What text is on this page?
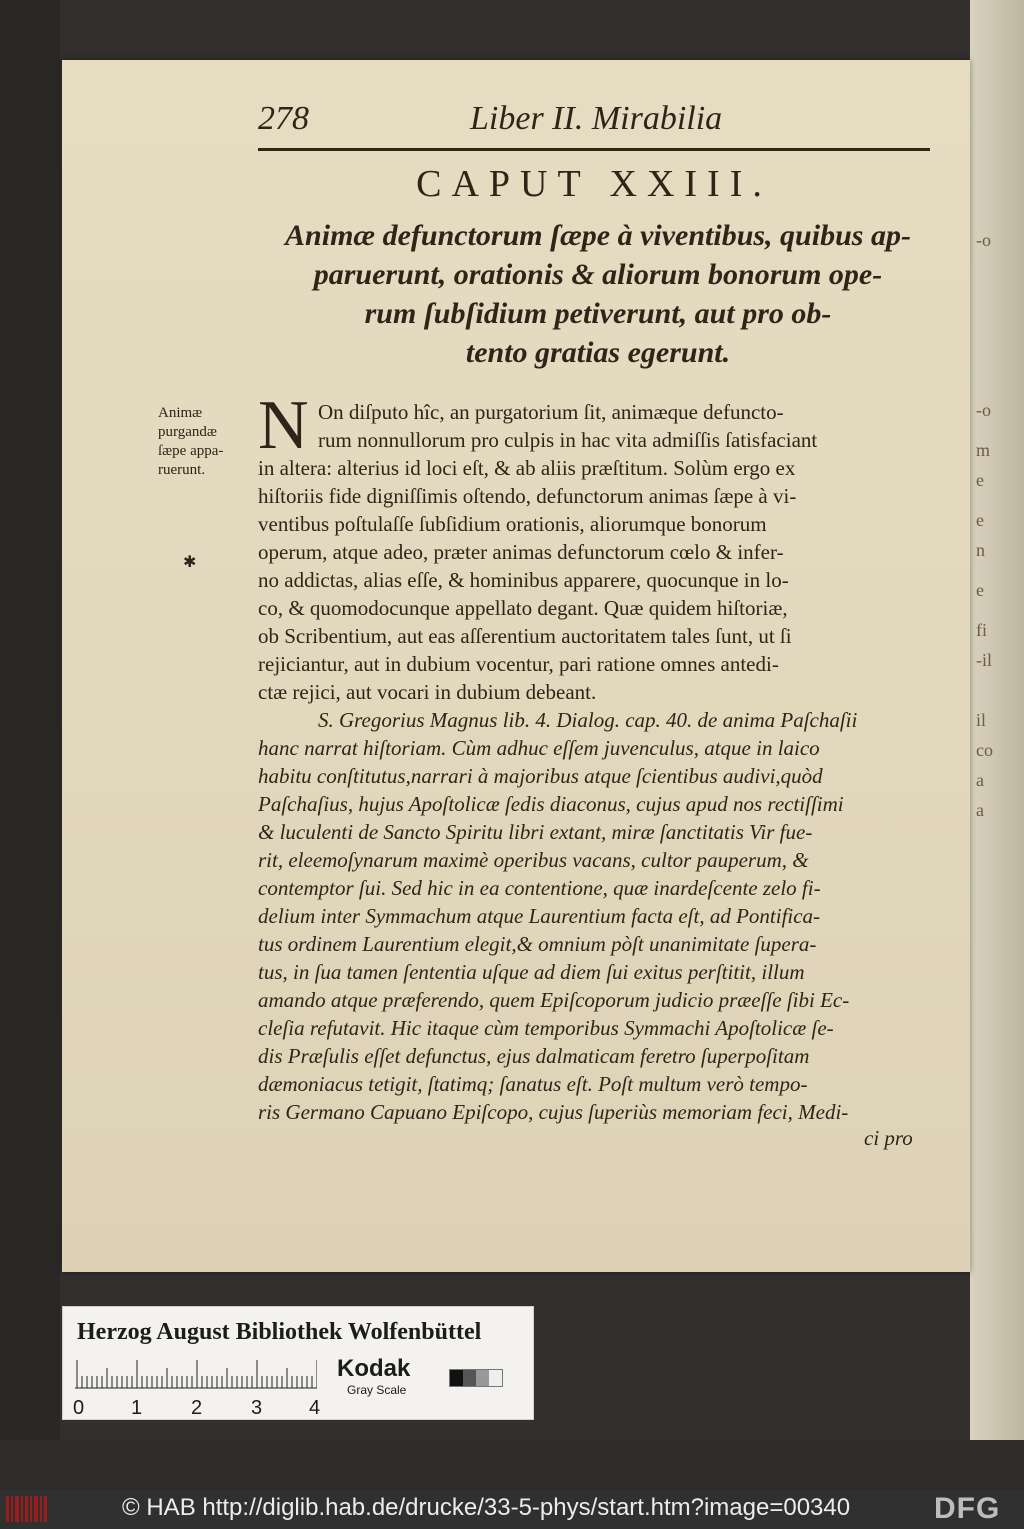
-o
-o
m
e
e
n
e
fi
-il
il
co
a
a
278	Liber II. Mirabilia
CAPUT XXIII.
Animæ defunctorum ſæpe à viventibus, quibus ap-
paruerunt, orationis & aliorum bonorum ope-
rum ſubſidium petiverunt, aut pro ob-
tento gratias egerunt.
Animæ
purgandæ
ſæpe appa-
ruerunt.
✱
N On diſputo hîc, an purgatorium ſit, animæque defuncto-
rum nonnullorum pro culpis in hac vita admiſſis ſatisfaciant
in altera: alterius id loci eſt, & ab aliis præſtitum. Solùm ergo ex
hiſtoriis fide digniſſimis oſtendo, defunctorum animas ſæpe à vi-
ventibus poſtulaſſe ſubſidium orationis, aliorumque bonorum
operum, atque adeo, præter animas defunctorum cœlo & infer-
no addictas, alias eſſe, & hominibus apparere, quocunque in lo-
co, & quomodocunque appellato degant. Quæ quidem hiſtoriæ,
ob Scribentium, aut eas aſſerentium auctoritatem tales ſunt, ut ſi
rejiciantur, aut in dubium vocentur, pari ratione omnes antedi-
ctæ rejici, aut vocari in dubium debeant.
S. Gregorius Magnus lib. 4. Dialog. cap. 40. de anima Paſchaſii
hanc narrat hiſtoriam. Cùm adhuc eſſem juvenculus, atque in laico
habitu conſtitutus,narrari à majoribus atque ſcientibus audivi,quòd
Paſchaſius, hujus Apoſtolicæ ſedis diaconus, cujus apud nos rectiſſimi
& luculenti de Sancto Spiritu libri extant, miræ ſanctitatis Vir fue-
rit, eleemoſynarum maximè operibus vacans, cultor pauperum, &
contemptor ſui. Sed hic in ea contentione, quæ inardeſcente zelo fi-
delium inter Symmachum atque Laurentium facta eſt, ad Pontifica-
tus ordinem Laurentium elegit,& omnium pòſt unanimitate ſupera-
tus, in ſua tamen ſententia uſque ad diem ſui exitus perſtitit, illum
amando atque præferendo, quem Epiſcoporum judicio præeſſe ſibi Ec-
cleſia refutavit. Hic itaque cùm temporibus Symmachi Apoſtolicæ ſe-
dis Præſulis eſſet defunctus, ejus dalmaticam feretro ſuperpoſitam
dæmoniacus tetigit, ſtatimq; ſanatus eſt. Poſt multum verò tempo-
ris Germano Capuano Epiſcopo, cujus ſuperiùs memoriam feci, Medi-
ci pro
Herzog August Bibliothek Wolfenbüttel
Kodak
Gray Scale
0 1 2 3 4
© HAB http://diglib.hab.de/drucke/33-5-phys/start.htm?image=00340	DFG
